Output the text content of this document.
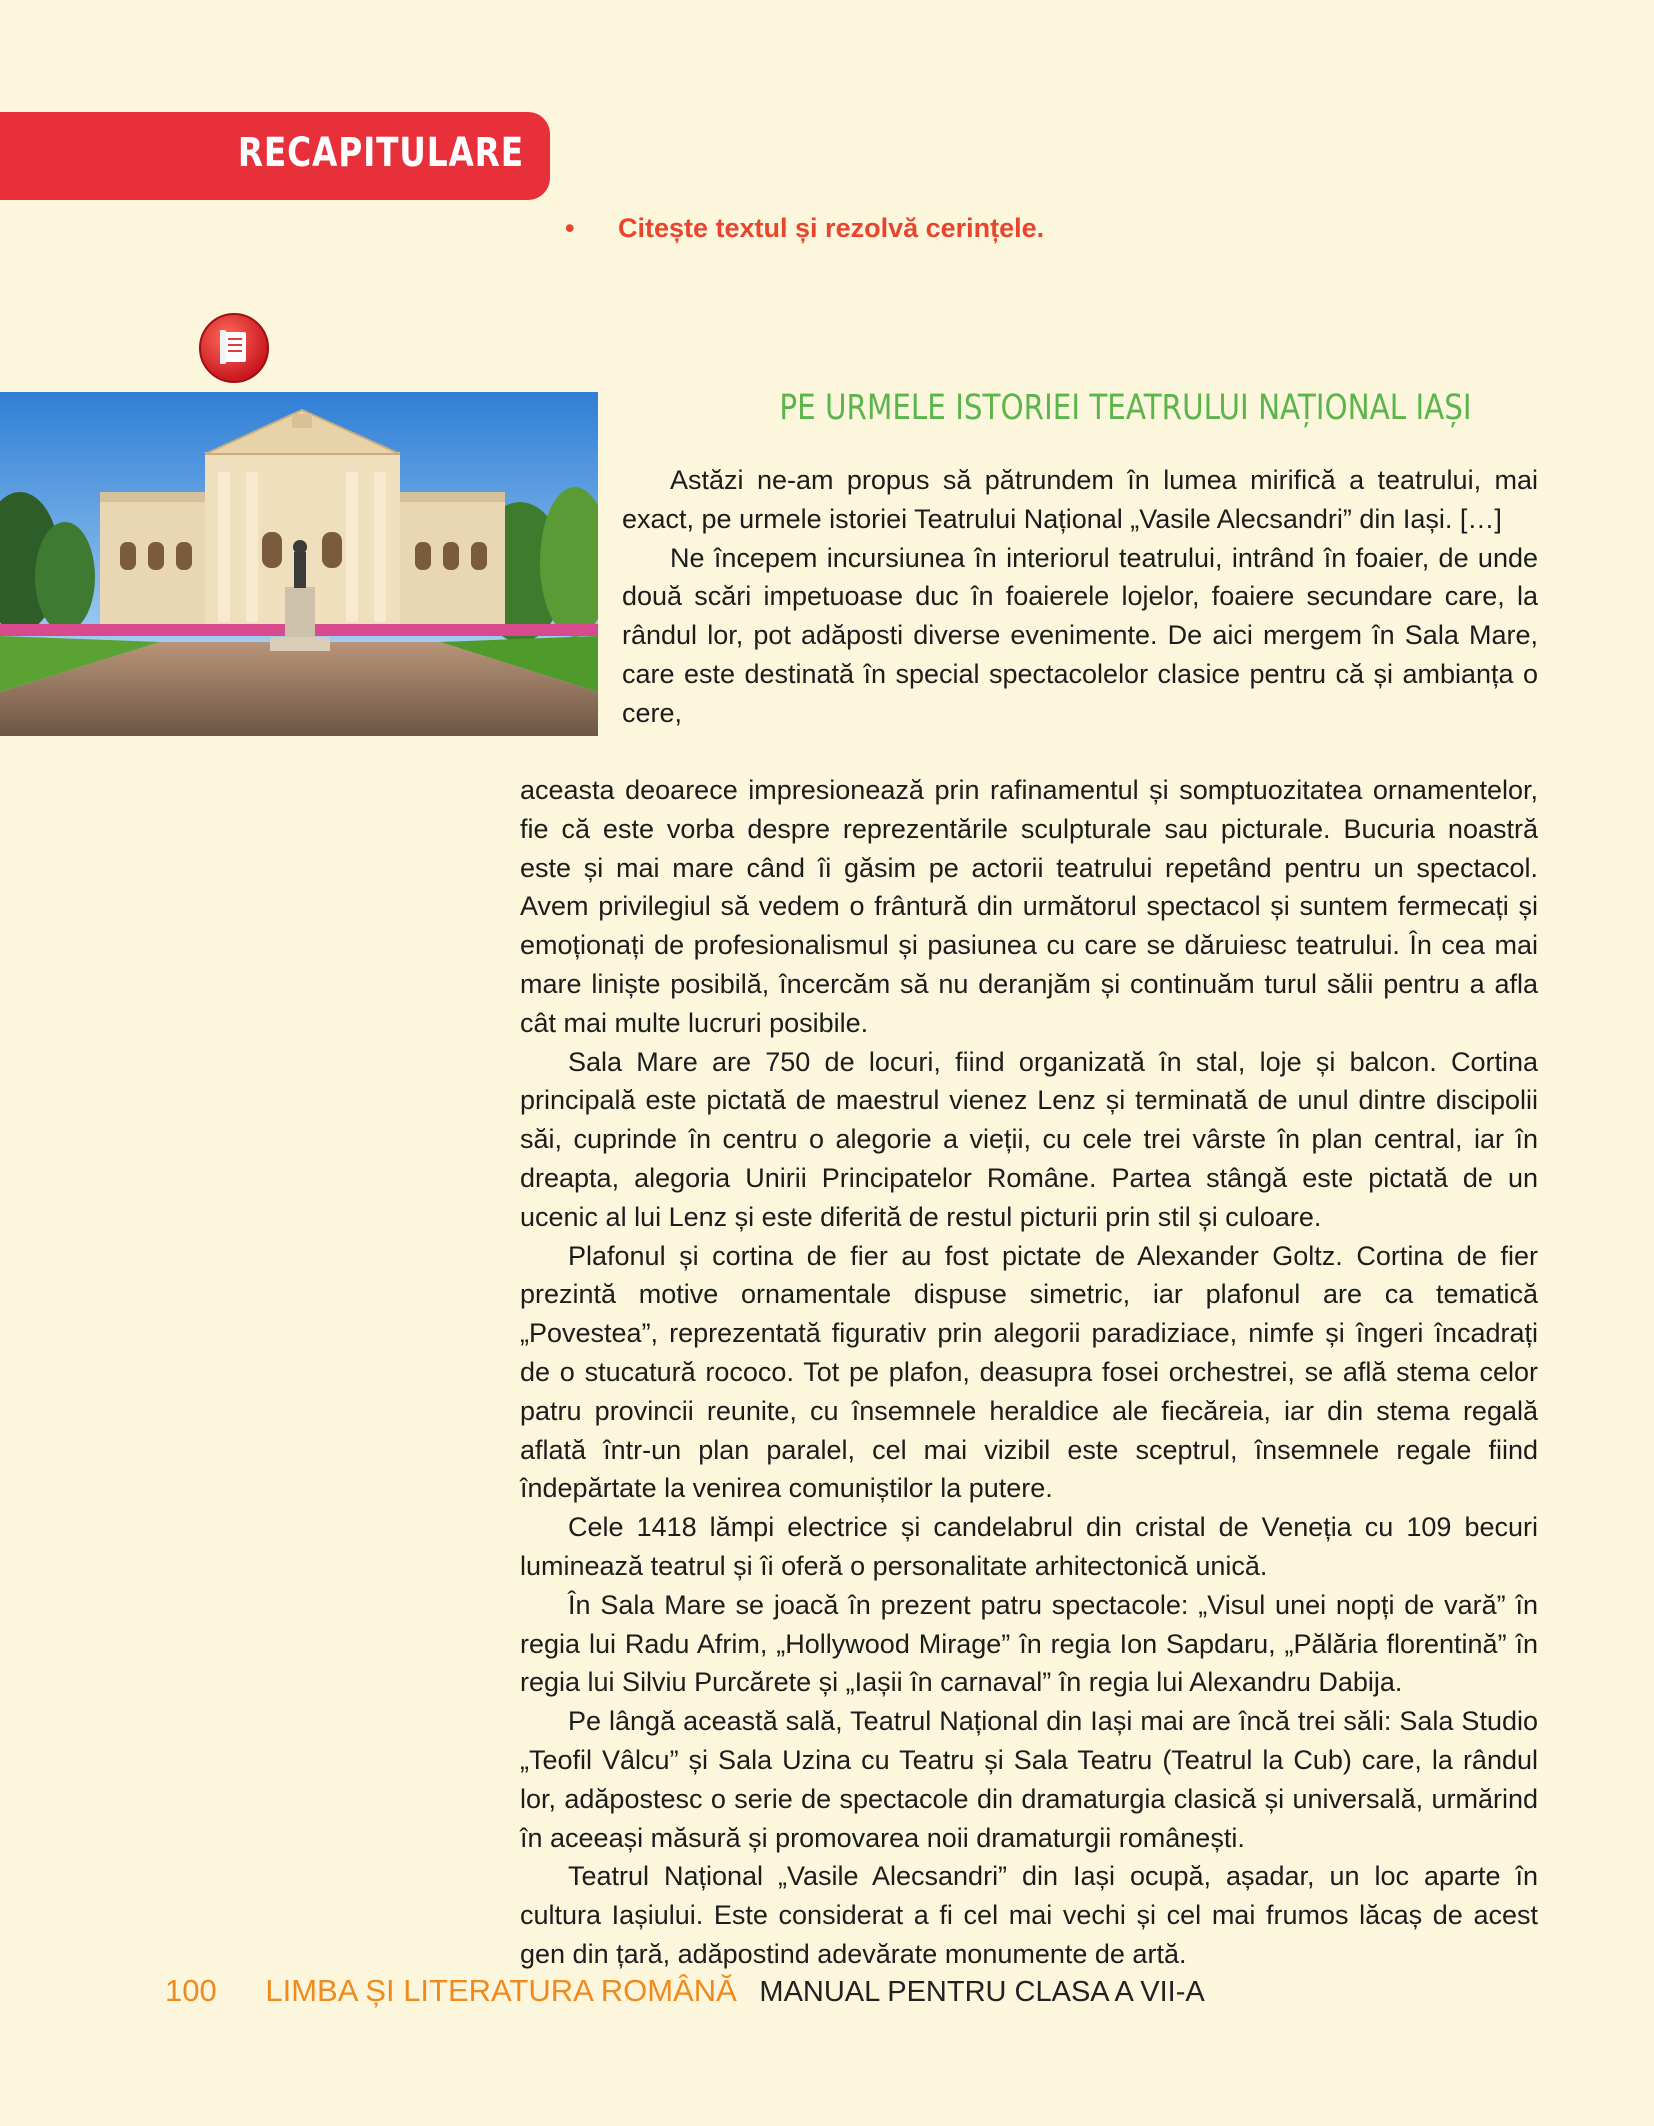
RECAPITULARE
• Citește textul și rezolvă cerințele.
PE URMELE ISTORIEI TEATRULUI NAȚIONAL IAȘI

Astăzi ne-am propus să pătrundem în lumea mirifică a teatrului, mai exact, pe urmele istoriei Teatrului Național „Vasile Alecsandri” din Iași. […]

Ne începem incursiunea în interiorul teatrului, intrând în foaier, de unde două scări impetuoase duc în foaierele lojelor, foaiere secundare care, la rândul lor, pot adăposti diverse evenimente. De aici mergem în Sala Mare, care este destinată în special spectacolelor clasice pentru că și ambianța o cere,

aceasta deoarece impresionează prin rafinamentul și somptuozitatea ornamentelor, fie că este vorba despre reprezentările sculpturale sau picturale. Bucuria noastră este și mai mare când îi găsim pe actorii teatrului repetând pentru un spectacol. Avem privilegiul să vedem o frântură din următorul spectacol și suntem fermecați și emoționați de profesionalismul și pasiunea cu care se dăruiesc teatrului. În cea mai mare liniște posibilă, încercăm să nu deranjăm și continuăm turul sălii pentru a afla cât mai multe lucruri posibile.

Sala Mare are 750 de locuri, fiind organizată în stal, loje și balcon. Cortina principală este pictată de maestrul vienez Lenz și terminată de unul dintre discipolii săi, cuprinde în centru o alegorie a vieții, cu cele trei vârste în plan central, iar în dreapta, alegoria Unirii Principatelor Române. Partea stângă este pictată de un ucenic al lui Lenz și este diferită de restul picturii prin stil și culoare.

Plafonul și cortina de fier au fost pictate de Alexander Goltz. Cortina de fier prezintă motive ornamentale dispuse simetric, iar plafonul are ca tematică „Povestea”, reprezentată figurativ prin alegorii paradiziace, nimfe și îngeri încadrați de o stucatură rococo. Tot pe plafon, deasupra fosei orchestrei, se află stema celor patru provincii reunite, cu însemnele heraldice ale fiecăreia, iar din stema regală aflată într-un plan paralel, cel mai vizibil este sceptrul, însemnele regale fiind îndepărtate la venirea comuniștilor la putere.

Cele 1418 lămpi electrice și candelabrul din cristal de Veneția cu 109 becuri luminează teatrul și îi oferă o personalitate arhitectonică unică.

În Sala Mare se joacă în prezent patru spectacole: „Visul unei nopți de vară” în regia lui Radu Afrim, „Hollywood Mirage” în regia Ion Sapdaru, „Pălăria florentină” în regia lui Silviu Purcărete și „Iașii în carnaval” în regia lui Alexandru Dabija.

Pe lângă această sală, Teatrul Național din Iași mai are încă trei săli: Sala Studio „Teofil Vâlcu” și Sala Uzina cu Teatru și Sala Teatru (Teatrul la Cub) care, la rândul lor, adăpostesc o serie de spectacole din dramaturgia clasică și universală, urmărind în aceeași măsură și promovarea noii dramaturgii românești.

Teatrul Național „Vasile Alecsandri” din Iași ocupă, așadar, un loc aparte în cultura Iașiului. Este considerat a fi cel mai vechi și cel mai frumos lăcaș de acest gen din țară, adăpostind adevărate monumente de artă.

100 LIMBA ȘI LITERATURA ROMÂNĂ MANUAL PENTRU CLASA A VII-A
